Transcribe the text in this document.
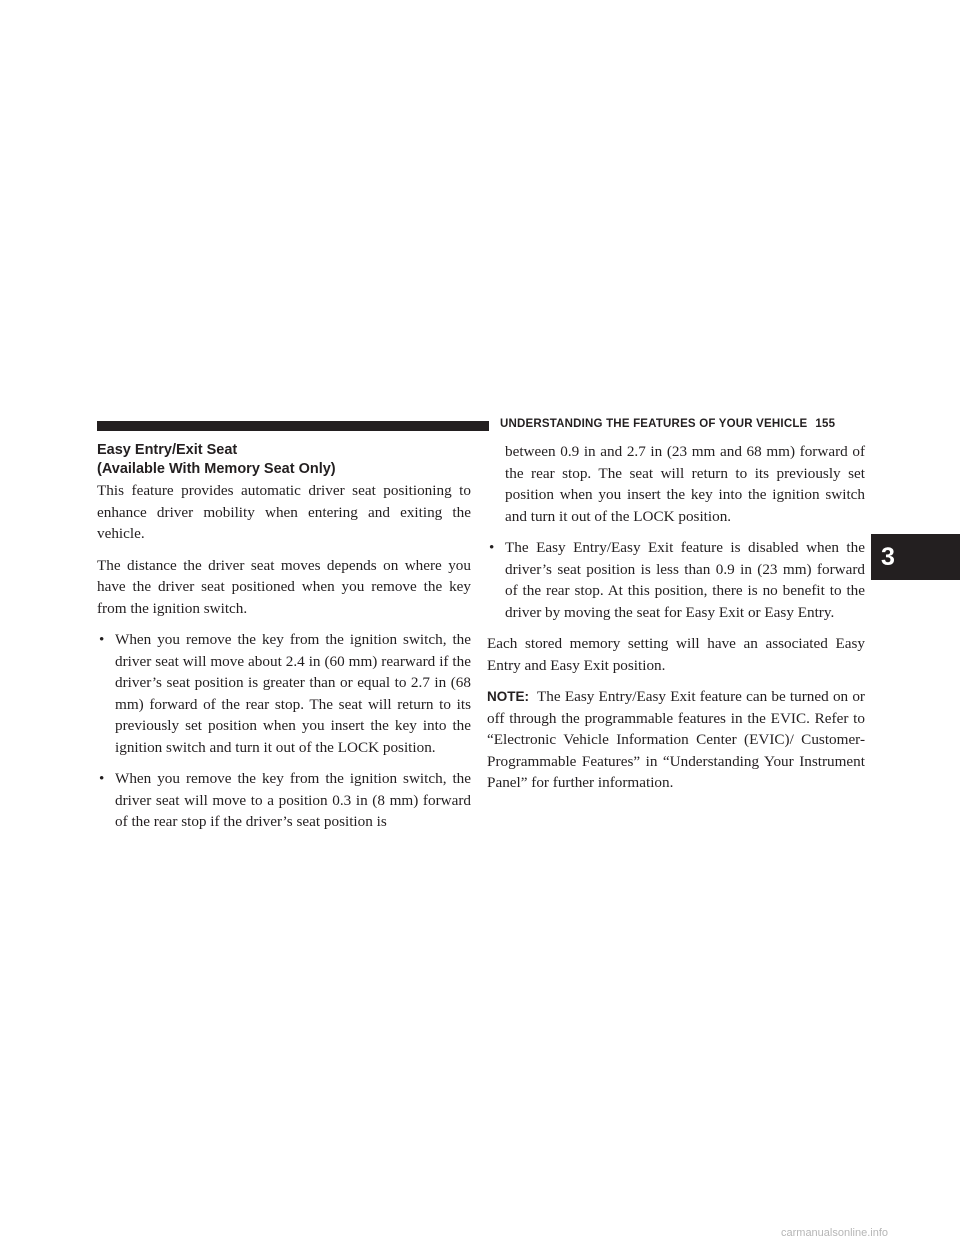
UNDERSTANDING THE FEATURES OF YOUR VEHICLE 155
Easy Entry/Exit Seat
(Available With Memory Seat Only)

This feature provides automatic driver seat positioning to enhance driver mobility when entering and exiting the vehicle.

The distance the driver seat moves depends on where you have the driver seat positioned when you remove the key from the ignition switch.

• When you remove the key from the ignition switch, the driver seat will move about 2.4 in (60 mm) rearward if the driver’s seat position is greater than or equal to 2.7 in (68 mm) forward of the rear stop. The seat will return to its previously set position when you insert the key into the ignition switch and turn it out of the LOCK position.
• When you remove the key from the ignition switch, the driver seat will move to a position 0.3 in (8 mm) forward of the rear stop if the driver’s seat position is
between 0.9 in and 2.7 in (23 mm and 68 mm) forward of the rear stop. The seat will return to its previously set position when you insert the key into the ignition switch and turn it out of the LOCK position.
• The Easy Entry/Easy Exit feature is disabled when the driver’s seat position is less than 0.9 in (23 mm) forward of the rear stop. At this position, there is no benefit to the driver by moving the seat for Easy Exit or Easy Entry.

Each stored memory setting will have an associated Easy Entry and Easy Exit position.

NOTE: The Easy Entry/Easy Exit feature can be turned on or off through the programmable features in the EVIC. Refer to “Electronic Vehicle Information Center (EVIC)/ Customer-Programmable Features” in “Understanding Your Instrument Panel” for further information.

3
carmanualsonline.info
